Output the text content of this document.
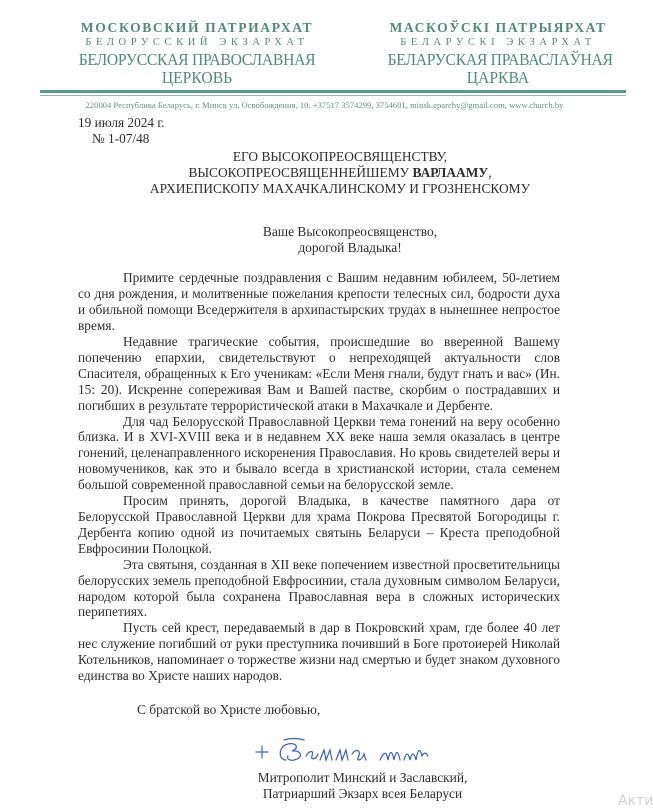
МОСКОВСКИЙ ПАТРИАРХАТ
БЕЛОРУССКИЙ ЭКЗАРХАТ
БЕЛОРУССКАЯ ПРАВОСЛАВНАЯ
ЦЕРКОВЬ
МАСКОЎСКІ ПАТРЫЯРХАТ
БЕЛАРУСКІ ЭКЗАРХАТ
БЕЛАРУСКАЯ ПРАВАСЛАЎНАЯ
ЦАРКВА
220004 Республика Беларусь, г. Минск ул. Освобождения, 10. +37517 3574299, 3754601, minsk.eparchy@gmail.com, www.church.by
19 июля 2024 г.
№ 1-07/48
ЕГО ВЫСОКОПРЕОСВЯЩЕНСТВУ,
ВЫСОКОПРЕОСВЯЩЕННЕЙШЕМУ ВАРЛААМУ,
АРХИЕПИСКОПУ МАХАЧКАЛИНСКОМУ И ГРОЗНЕНСКОМУ
Ваше Высокопреосвященство,
дорогой Владыка!

Примите сердечные поздравления с Вашим недавним юбилеем, 50-летием со дня рождения, и молитвенные пожелания крепости телесных сил, бодрости духа и обильной помощи Вседержителя в архипастырских трудах в нынешнее непростое время.

Недавние трагические события, происшедшие во вверенной Вашему попечению епархии, свидетельствуют о непреходящей актуальности слов Спасителя, обращенных к Его ученикам: «Если Меня гнали, будут гнать и вас» (Ин. 15: 20). Искренне сопереживая Вам и Вашей пастве, скорбим о пострадавших и погибших в результате террористической атаки в Махачкале и Дербенте.

Для чад Белорусской Православной Церкви тема гонений на веру особенно близка. И в XVI-XVIII века и в недавнем XX веке наша земля оказалась в центре гонений, целенаправленного искоренения Православия. Но кровь свидетелей веры и новомучеников, как это и бывало всегда в христианской истории, стала семенем большой современной православной семьи на белорусской земле.

Просим принять, дорогой Владыка, в качестве памятного дара от Белорусской Православной Церкви для храма Покрова Пресвятой Богородицы г. Дербента копию одной из почитаемых святынь Беларуси – Креста преподобной Евфросинии Полоцкой.

Эта святыня, созданная в XII веке попечением известной просветительницы белорусских земель преподобной Евфросинии, стала духовным символом Беларуси, народом которой была сохранена Православная вера в сложных исторических перипетиях.

Пусть сей крест, передаваемый в дар в Покровский храм, где более 40 лет нес служение погибший от руки преступника почивший в Боге протоиерей Николай Котельников, напоминает о торжестве жизни над смертью и будет знаком духовного единства во Христе наших народов.

С братской во Христе любовью,
Митрополит Минский и Заславский,
Патриарший Экзарх всея Беларуси	Акти
